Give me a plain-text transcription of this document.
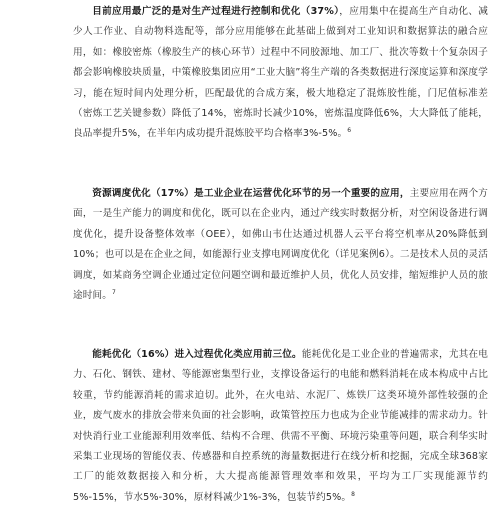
目前应用最广泛的是对生产过程进行控制和优化（37%），应用集中在提高生产自动化、减少人工作业、自动物料选配等，部分应用能够在此基础上做到对工业知识和数据算法的融合应用，如：橡胶密炼（橡胶生产的核心环节）过程中不同胶源地、加工厂、批次等数十个复杂因子都会影响橡胶块质量，中策橡胶集团应用“工业大脑”将生产端的各类数据进行深度运算和深度学习，能在短时间内处理分析，匹配最优的合成方案，极大地稳定了混炼胶性能，门尼值标准差（密炼工艺关键参数）降低了14%，密炼时长减少10%，密炼温度降低6%，大大降低了能耗，良品率提升5%，在半年内成功提升混炼胶平均合格率3%-5%。$^6$

资源调度优化（17%）是工业企业在运营优化环节的另一个重要的应用，主要应用在两个方面，一是生产能力的调度和优化，既可以在企业内，通过产线实时数据分析，对空闲设备进行调度优化，提升设备整体效率（OEE），如佛山韦仕达通过机器人云平台将空机率从20%降低到10%；也可以是在企业之间，如能源行业支撑电网调度优化（详见案例6）。二是技术人员的灵活调度，如某商务空调企业通过定位问题空调和最近维护人员，优化人员安排，缩短维护人员的旅途时间。$^7$

能耗优化（16%）进入过程优化类应用前三位。能耗优化是工业企业的普遍需求，尤其在电力、石化、钢铁、建材、等能源密集型行业，支撑设备运行的电能和燃料消耗在成本构成中占比较重，节约能源消耗的需求迫切。此外，在火电站、水泥厂、炼铁厂这类环境外部性较强的企业，废气废水的排放会带来负面的社会影响，政策管控压力也成为企业节能减排的需求动力。针对快消行业工业能源利用效率低、结构不合理、供需不平衡、环境污染重等问题，联合利华实时采集工业现场的智能仪表、传感器和自控系统的海量数据进行在线分析和挖掘，完成全球368家工厂的能效数据接入和分析，大大提高能源管理效率和效果，平均为工厂实现能源节约5%-15%，节水5%-30%，原材料减少1%-3%，包装节约5%。$^8$
